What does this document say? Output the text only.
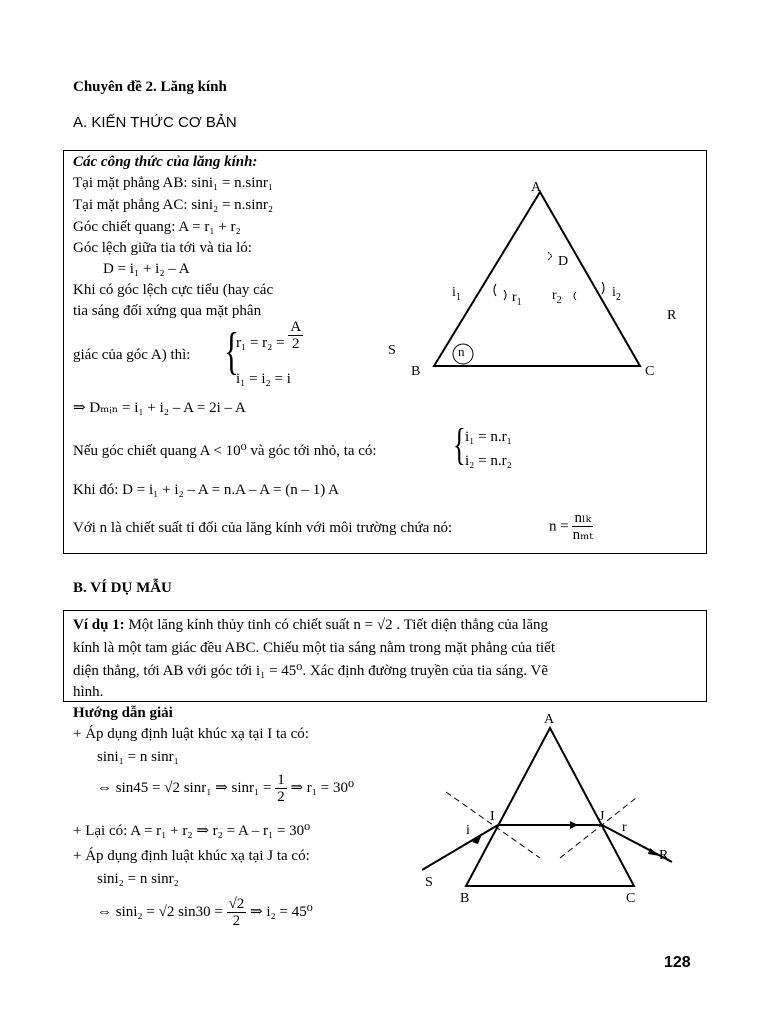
Chuyên đề 2. Lăng kính
A. KIẾN THỨC CƠ BẢN
Các công thức của lăng kính:
Tại mặt phẳng AB: sini₁ = n.sinr₁
Tại mặt phẳng AC: sini₂ = n.sinr₂
Góc chiết quang: A = r₁ + r₂
Góc lệch giữa tia tới và tia ló:
D = i₁ + i₂ – A
Khi có góc lệch cực tiểu (hay các
tia sáng đối xứng qua mặt phân
giác của góc A) thì: {
$r_1 = r_2 = \frac{A}{2}$
i₁ = i₂ = i
⇒ Dₘᵢₙ = i₁ + i₂ – A = 2i – A
Nếu góc chiết quang A < 10⁰ và góc tới nhỏ, ta có: { i₁ = n.r₁
i₂ = n.r₂
Khi đó: D = i₁ + i₂ – A = n.A – A = (n – 1) A
Với n là chiết suất tỉ đối của lăng kính với môi trường chứa nó:	$n = \frac{\text{nₗₖ}}{\text{nₘₜ}}$
A
B	C
D
S
R
n
$i_1$	$r_1$ $r_2$
$i_2$
B. VÍ DỤ MẪU
Ví dụ 1: Một lăng kính thủy tinh có chiết suất n = √2 . Tiết diện thẳng của lăng
kính là một tam giác đều ABC. Chiếu một tia sáng nằm trong mặt phẳng của tiết
diện thẳng, tới AB với góc tới i₁ = 45⁰. Xác định đường truyền của tia sáng. Vẽ
hình.
Hướng dẫn giải
+ Áp dụng định luật khúc xạ tại I ta có:
sini₁ = n sinr₁
⇔ sin45 = √2 sinr₁ ⇒ $\sin r_1 = \frac{1}{2}$ ⇒ r₁ = 30⁰
+ Lại có: A = r₁ + r₂ ⇒ r₂ = A – r₁ = 30⁰
+ Áp dụng định luật khúc xạ tại J ta có:
sini₂ = n sinr₂
⇔ sini₂ = √2 $\sin 30 = \frac{√2}{2}$ ⇒ i₂ = 45⁰
A
B	C
I	J
S
R
i	r
128
